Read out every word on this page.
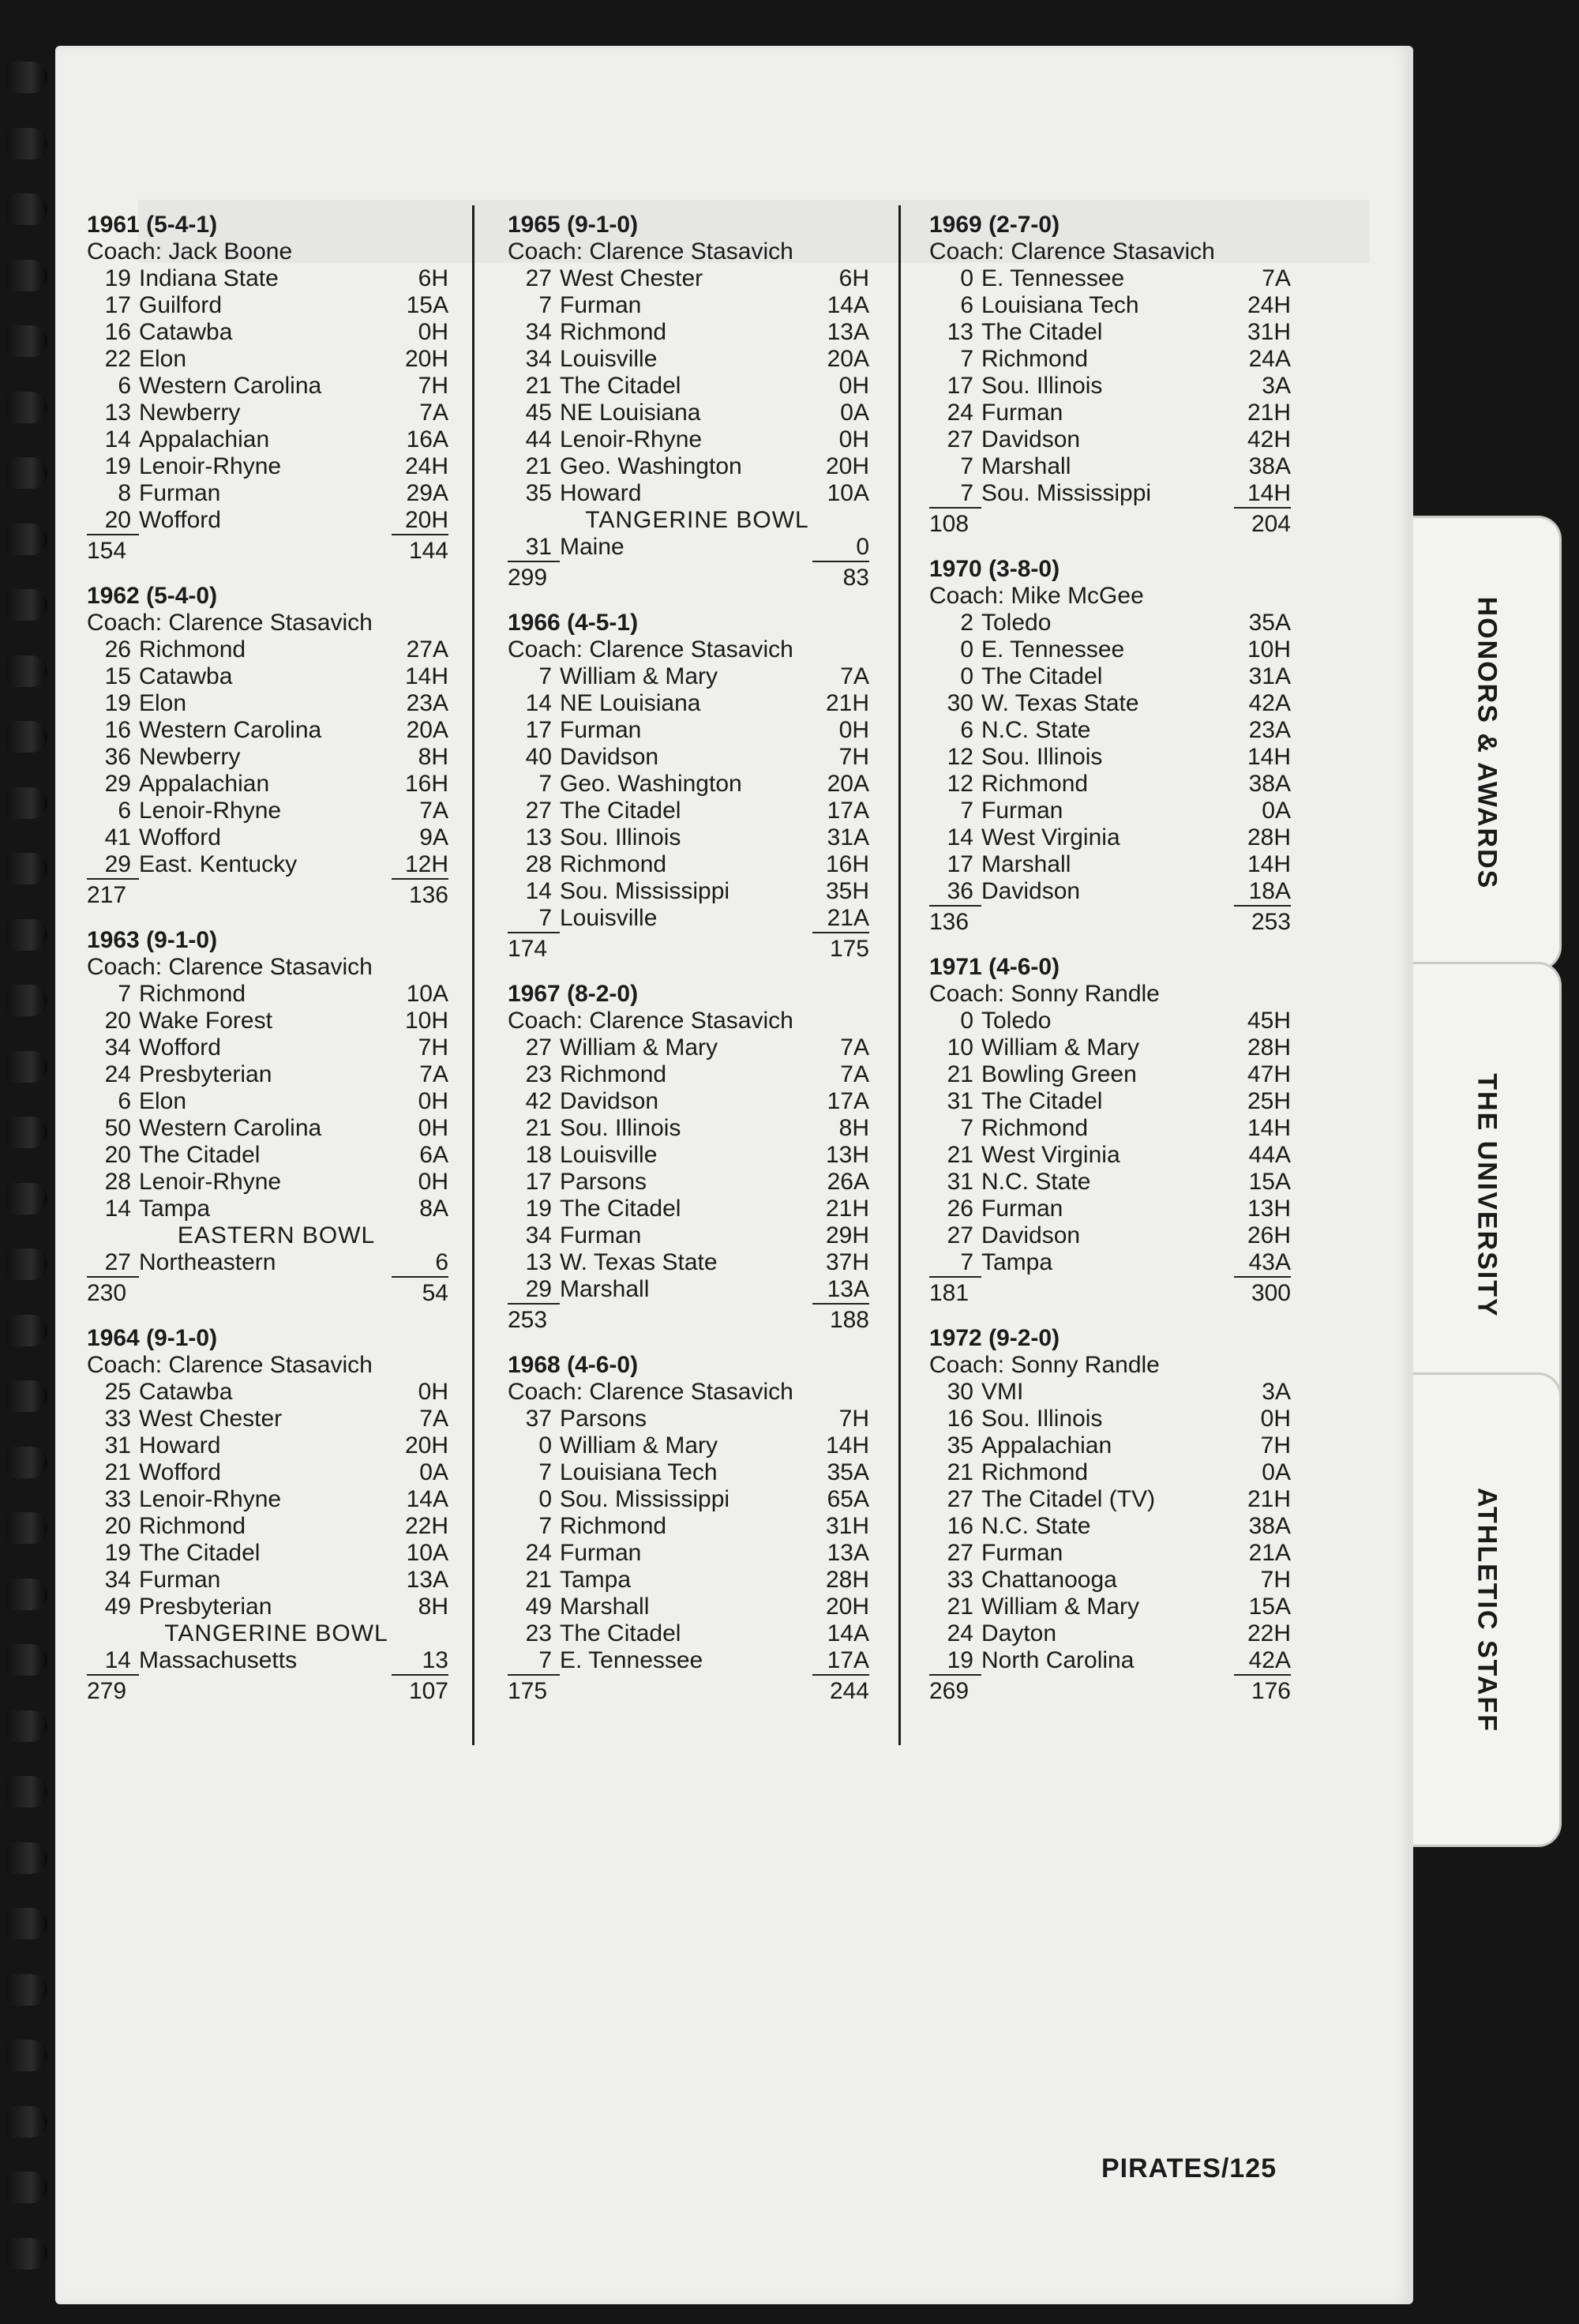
1961 (5-4-1)
Coach: Jack Boone
19 Indiana State	6H
17 Guilford	15A
16 Catawba	0H
22 Elon	20H
6 Western Carolina	7H
13 Newberry	7A
14 Appalachian	16A
19 Lenoir-Rhyne	24H
8 Furman	29A
20 Wofford	20H
154	144
1962 (5-4-0)
Coach: Clarence Stasavich
26 Richmond	27A
15 Catawba	14H
19 Elon	23A
16 Western Carolina	20A
36 Newberry	8H
29 Appalachian	16H
6 Lenoir-Rhyne	7A
41 Wofford	9A
29 East. Kentucky	12H
217	136
1963 (9-1-0)
Coach: Clarence Stasavich
7 Richmond	10A
20 Wake Forest	10H
34 Wofford	7H
24 Presbyterian	7A
6 Elon	0H
50 Western Carolina	0H
20 The Citadel	6A
28 Lenoir-Rhyne	0H
14 Tampa	8A
EASTERN BOWL
27 Northeastern	6
230	54
1964 (9-1-0)
Coach: Clarence Stasavich
25 Catawba	0H
33 West Chester	7A
31 Howard	20H
21 Wofford	0A
33 Lenoir-Rhyne	14A
20 Richmond	22H
19 The Citadel	10A
34 Furman	13A
49 Presbyterian	8H
TANGERINE BOWL
14 Massachusetts	13
279	107
1965 (9-1-0)
Coach: Clarence Stasavich
27 West Chester	6H
7 Furman	14A
34 Richmond	13A
34 Louisville	20A
21 The Citadel	0H
45 NE Louisiana	0A
44 Lenoir-Rhyne	0H
21 Geo. Washington	20H
35 Howard	10A
TANGERINE BOWL
31 Maine	0
299	83
1966 (4-5-1)
Coach: Clarence Stasavich
7 William & Mary	7A
14 NE Louisiana	21H
17 Furman	0H
40 Davidson	7H
7 Geo. Washington	20A
27 The Citadel	17A
13 Sou. Illinois	31A
28 Richmond	16H
14 Sou. Mississippi	35H
7 Louisville	21A
174	175
1967 (8-2-0)
Coach: Clarence Stasavich
27 William & Mary	7A
23 Richmond	7A
42 Davidson	17A
21 Sou. Illinois	8H
18 Louisville	13H
17 Parsons	26A
19 The Citadel	21H
34 Furman	29H
13 W. Texas State	37H
29 Marshall	13A
253	188
1968 (4-6-0)
Coach: Clarence Stasavich
37 Parsons	7H
0 William & Mary	14H
7 Louisiana Tech	35A
0 Sou. Mississippi	65A
7 Richmond	31H
24 Furman	13A
21 Tampa	28H
49 Marshall	20H
23 The Citadel	14A
7 E. Tennessee	17A
175	244
1969 (2-7-0)
Coach: Clarence Stasavich
0 E. Tennessee	7A
6 Louisiana Tech	24H
13 The Citadel	31H
7 Richmond	24A
17 Sou. Illinois	3A
24 Furman	21H
27 Davidson	42H
7 Marshall	38A
7 Sou. Mississippi	14H
108	204
1970 (3-8-0)
Coach: Mike McGee
2 Toledo	35A
0 E. Tennessee	10H
0 The Citadel	31A
30 W. Texas State	42A
6 N.C. State	23A
12 Sou. Illinois	14H
12 Richmond	38A
7 Furman	0A
14 West Virginia	28H
17 Marshall	14H
36 Davidson	18A
136	253
1971 (4-6-0)
Coach: Sonny Randle
0 Toledo	45H
10 William & Mary	28H
21 Bowling Green	47H
31 The Citadel	25H
7 Richmond	14H
21 West Virginia	44A
31 N.C. State	15A
26 Furman	13H
27 Davidson	26H
7 Tampa	43A
181	300
1972 (9-2-0)
Coach: Sonny Randle
30 VMI	3A
16 Sou. Illinois	0H
35 Appalachian	7H
21 Richmond	0A
27 The Citadel (TV)	21H
16 N.C. State	38A
27 Furman	21A
33 Chattanooga	7H
21 William & Mary	15A
24 Dayton	22H
19 North Carolina	42A
269	176
HONORS & AWARDS
THE UNIVERSITY
ATHLETIC STAFF
PIRATES/125
